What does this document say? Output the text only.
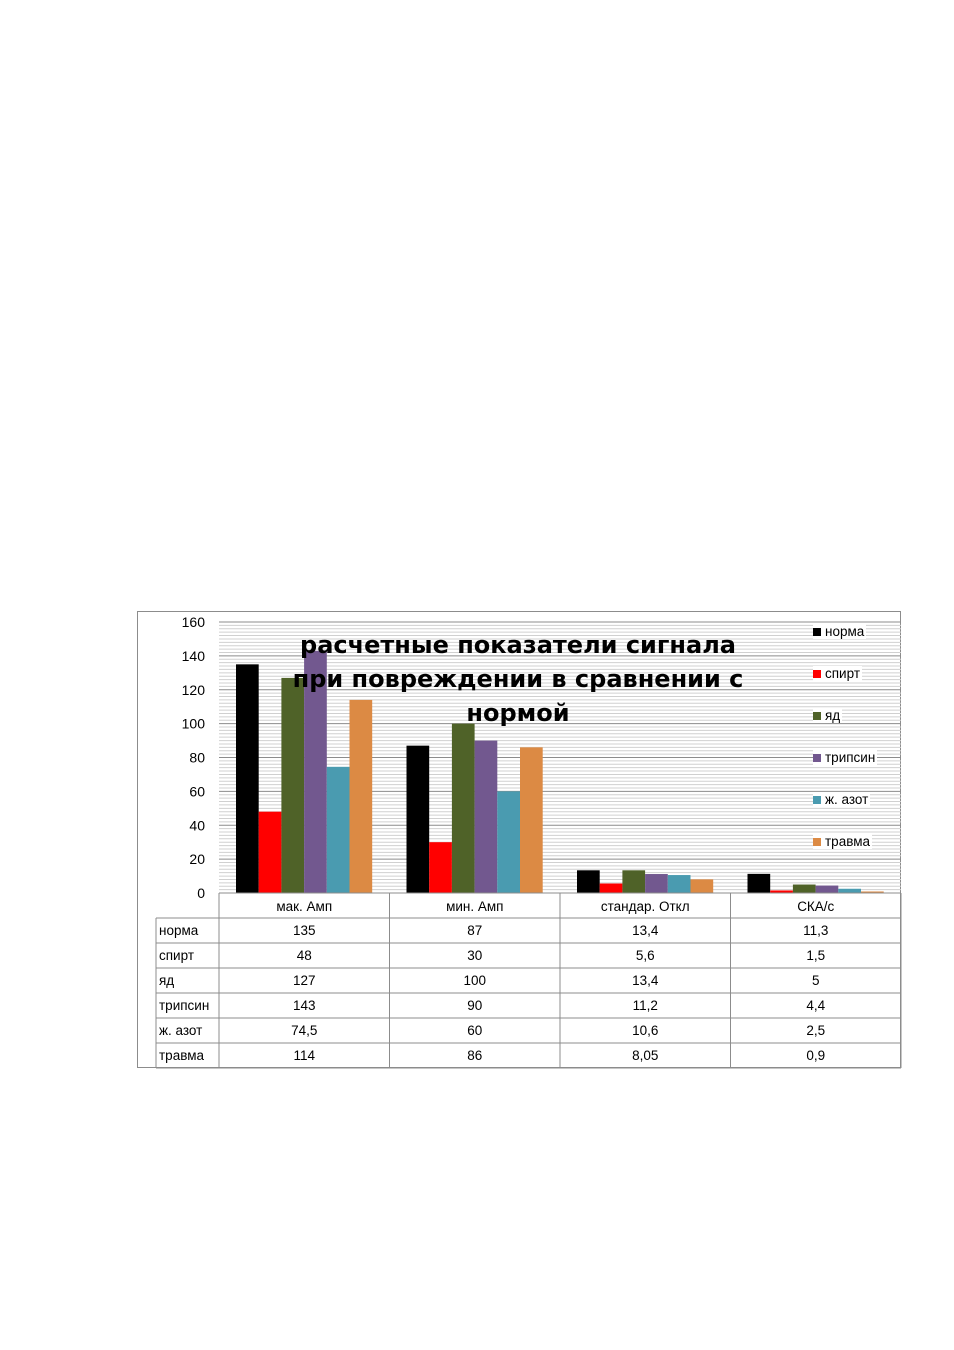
0
20
40
60
80
100
120
140
160
мак. Амп	мин. Амп	стандар. Откл	СКА/с
норма	135	87	13,4	11,3
спирт	48	30	5,6	1,5
яд	127	100	13,4	5
трипсин	143	90	11,2	4,4
ж. азот	74,5	60	10,6	2,5
травма	114	86	8,05	0,9
расчетные показатели сигнала при повреждении в сравнении с нормой
норма
спирт
яд
трипсин
ж. азот
травма
